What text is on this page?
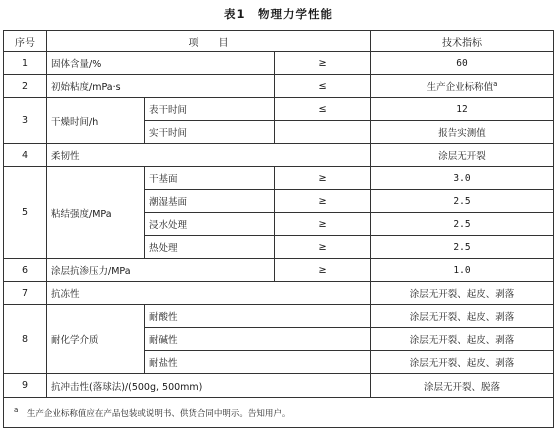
表1　物理力学性能
序号	项　　目			技术指标
1	固体含量/%		≥	60
2	初始粘度/mPa·s		≤	生产企业标称值$^a$
3	干燥时间/h	表干时间	≤	12
		实干时间		报告实测值
4	柔韧性			涂层无开裂
5	粘结强度/MPa	干基面	≥	3.0
		潮湿基面	≥	2.5
		浸水处理	≥	2.5
		热处理	≥	2.5
6	涂层抗渗压力/MPa		≥	1.0
7	抗冻性			涂层无开裂、起皮、剥落
8	耐化学介质	耐酸性		涂层无开裂、起皮、剥落
		耐碱性		涂层无开裂、起皮、剥落
		耐盐性		涂层无开裂、起皮、剥落
9	抗冲击性(落球法)/(500g, 500mm)			涂层无开裂、脱落
$^a$　 生产企业标称值应在产品包装或说明书、供货合同中明示。告知用户。				
